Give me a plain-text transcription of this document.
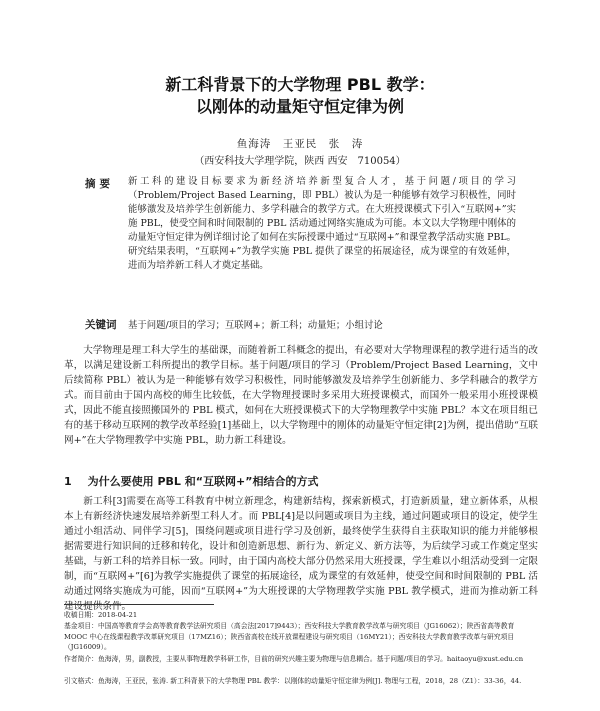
新工科背景下的大学物理 PBL 教学：
以刚体的动量矩守恒定律为例
鱼海涛　王亚民　张　涛
（西安科技大学理学院，陕西 西安　710054）
摘要 新工科的建设目标要求为新经济培养新型复合人才，基于问题/项目的学习（Problem/Project Based Learning，即 PBL）被认为是一种能够有效学习积极性，同时能够激发及培养学生创新能力、多学科融合的教学方式。在大班授课模式下引入“互联网+”实施 PBL，使受空间和时间限制的 PBL 活动通过网络实施成为可能。本文以大学物理中刚体的动量矩守恒定律为例详细讨论了如何在实际授课中通过“互联网+”和课堂教学活动实施 PBL。研究结果表明，“互联网+”为教学实施 PBL 提供了课堂的拓展途径，成为课堂的有效延伸，进而为培养新工科人才奠定基础。

关键词 基于问题/项目的学习；互联网+；新工科；动量矩；小组讨论

大学物理是理工科大学生的基础课，而随着新工科概念的提出，有必要对大学物理课程的教学进行适当的改革，以满足建设新工科所提出的教学目标。基于问题/项目的学习（Problem/Project Based Learning，文中后续简称 PBL）被认为是一种能够有效学习积极性，同时能够激发及培养学生创新能力、多学科融合的教学方式。而目前由于国内高校的师生比较低，在大学物理授课时多采用大班授课模式，而国外一般采用小班授课模式，因此不能直接照搬国外的 PBL 模式，如何在大班授课模式下的大学物理教学中实施 PBL？本文在项目组已有的基于移动互联网的教学改革经验[1]基础上，以大学物理中的刚体的动量矩守恒定律[2]为例，提出借助“互联网+”在大学物理教学中实施 PBL，助力新工科建设。

1 为什么要使用 PBL 和“互联网+”相结合的方式

新工科[3]需要在高等工科教育中树立新理念，构建新结构，探索新模式，打造新质量，建立新体系，从根本上有新经济快速发展培养新型工科人才。而 PBL[4]是以问题或项目为主线，通过问题或项目的设定，使学生通过小组活动、同伴学习[5]，围绕问题或项目进行学习及创新，最终使学生获得自主获取知识的能力并能够根据需要进行知识间的迁移和转化，设计和创造新思想、新行为、新定义、新方法等，为后续学习或工作奠定坚实基础，与新工科的培养目标一致。同时，由于国内高校大部分仍然采用大班授课，学生难以小组活动受到一定限制，而“互联网+”[6]为教学实施提供了课堂的拓展途径，成为课堂的有效延伸，使受空间和时间限制的 PBL 活动通过网络实施成为可能，因而“互联网+”为大班授课的大学物理教学实施 PBL 教学模式，进而为推动新工科建设提供条件。

收稿日期：2018-04-21

基金项目：中国高等教育学会高等教育教学法研究项目（高会法[2017]9443）；西安科技大学教育教学改革与研究项目（JG16062）；陕西省高等教育 MOOC 中心在线课程教学改革研究项目（17MZ16）；陕西省高校在线开放课程建设与研究项目（16MY21）；西安科技大学教育教学改革与研究项目（JG16009）。

作者简介：鱼海涛，男，副教授，主要从事物理教学科研工作，目前的研究兴趣主要为物理与信息耦合。基于问题/项目的学习。haitaoyu@xust.edu.cn

引文格式：鱼海涛，王亚民，张涛. 新工科背景下的大学物理 PBL 教学：以刚体的动量矩守恒定律为例[J]. 物理与工程，2018，28（Z1）：33-36，44.
